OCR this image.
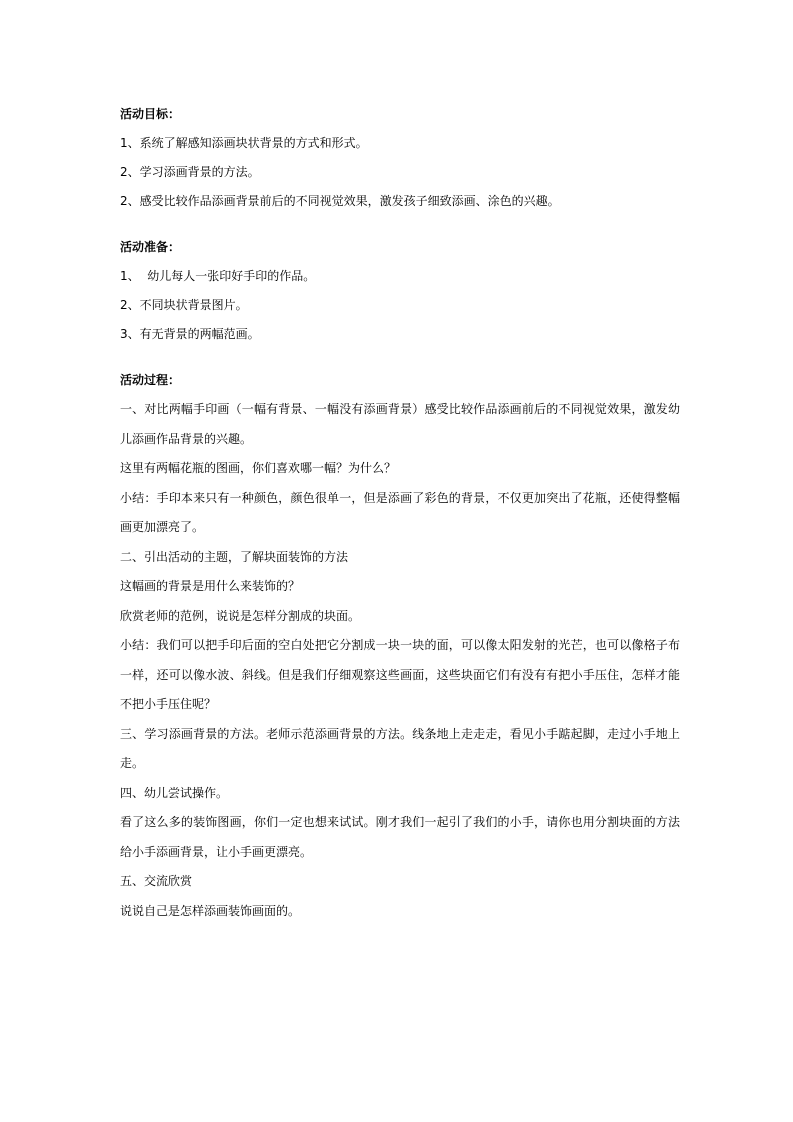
活动目标：

1、系统了解感知添画块状背景的方式和形式。

2、学习添画背景的方法。

2、感受比较作品添画背景前后的不同视觉效果，激发孩子细致添画、涂色的兴趣。

活动准备：

1、  幼儿每人一张印好手印的作品。

2、不同块状背景图片。

3、有无背景的两幅范画。

活动过程：

一、对比两幅手印画（一幅有背景、一幅没有添画背景）感受比较作品添画前后的不同视觉效果，激发幼儿添画作品背景的兴趣。

这里有两幅花瓶的图画，你们喜欢哪一幅？为什么？

小结：手印本来只有一种颜色，颜色很单一，但是添画了彩色的背景，不仅更加突出了花瓶，还使得整幅画更加漂亮了。

二、引出活动的主题，了解块面装饰的方法

这幅画的背景是用什么来装饰的？

欣赏老师的范例，说说是怎样分割成的块面。

小结：我们可以把手印后面的空白处把它分割成一块一块的面，可以像太阳发射的光芒，也可以像格子布一样，还可以像水波、斜线。但是我们仔细观察这些画面，这些块面它们有没有有把小手压住，怎样才能不把小手压住呢？

三、学习添画背景的方法。老师示范添画背景的方法。线条地上走走走，看见小手踮起脚，走过小手地上走。

四、幼儿尝试操作。

看了这么多的装饰图画，你们一定也想来试试。刚才我们一起引了我们的小手，请你也用分割块面的方法给小手添画背景，让小手画更漂亮。

五、交流欣赏

说说自己是怎样添画装饰画面的。
